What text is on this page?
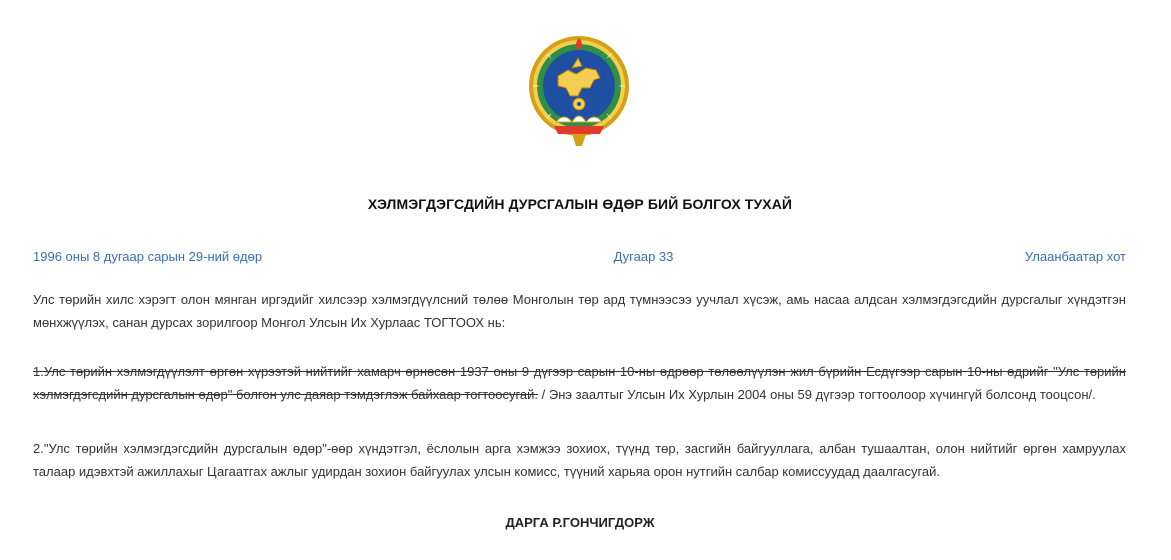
ХЭЛМЭГДЭГСДИЙН ДУРСГАЛЫН ӨДӨР БИЙ БОЛГОХ ТУХАЙ
1996 оны 8 дугаар сарын 29-ний өдөр	Дугаар 33	Улаанбаатар хот
Улс төрийн хилс хэрэгт олон мянган иргэдийг хилсээр хэлмэгдүүлсний төлөө Монголын төр ард түмнээсээ уучлал хүсэж, амь насаа алдсан хэлмэгдэгсдийн дурсгалыг хүндэтгэн мөнхжүүлэх, санан дурсах зорилгоор Монгол Улсын Их Хурлаас ТОГТООХ нь:
1.Улс төрийн хэлмэгдүүлэлт өргөн хүрээтэй нийтийг хамарч өрнөсөн 1937 оны 9 дүгээр сарын 10-ны өдрөөр төлөөлүүлэн жил бүрийн Есдүгээр сарын 10-ны өдрийг "Улс төрийн хэлмэгдэгсдийн дурсгалын өдөр" болгон улс даяар тэмдэглэж байхаар тогтоосугай. / Энэ заалтыг Улсын Их Хурлын 2004 оны 59 дүгээр тогтоолоор хүчингүй болсонд тооцсон/.
2."Улс төрийн хэлмэгдэгсдийн дурсгалын өдөр"-өөр хүндэтгэл, ёслолын арга хэмжээ зохиох, түүнд төр, засгийн байгууллага, албан тушаалтан, олон нийтийг өргөн хамруулах талаар идэвхтэй ажиллахыг Цагаатгах ажлыг удирдан зохион байгуулах улсын комисс, түүний харьяа орон нутгийн салбар комиссуудад даалгасугай.
ДАРГА Р.ГОНЧИГДОРЖ
